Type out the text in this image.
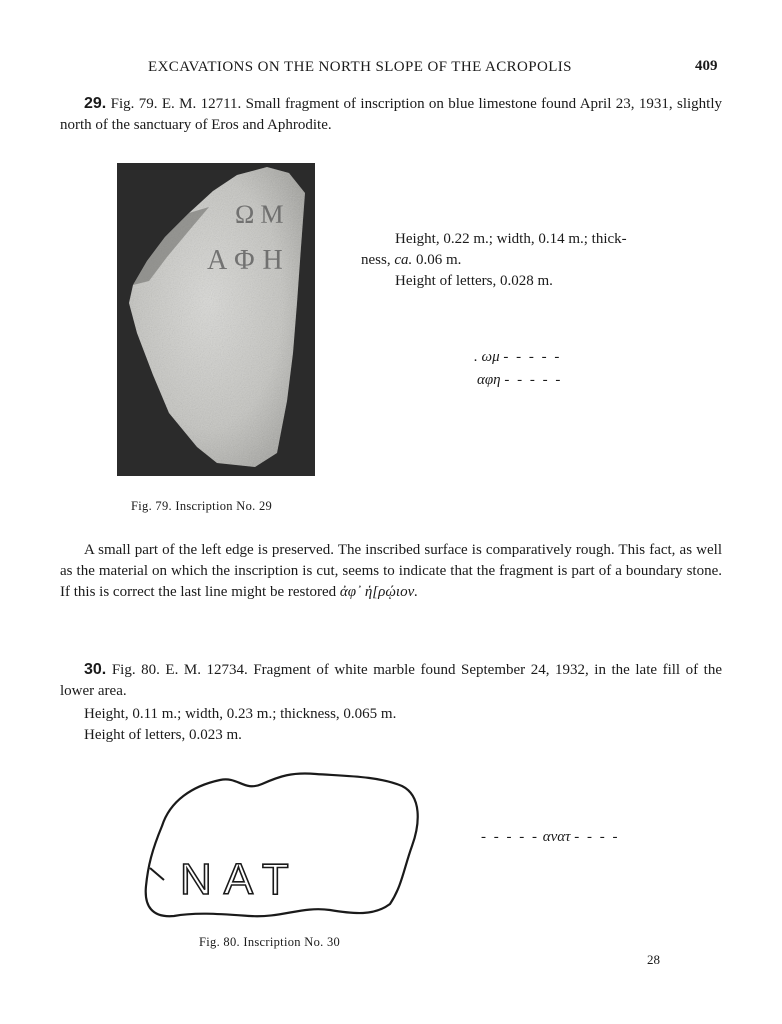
EXCAVATIONS ON THE NORTH SLOPE OF THE ACROPOLIS	409
29. Fig. 79. E. M. 12711. Small fragment of inscription on blue limestone found April 23, 1931, slightly north of the sanctuary of Eros and Aphrodite.
ΩΜ
ΑΦΗ
Height, 0.22 m.; width, 0.14 m.; thick-
ness, ca. 0.06 m.
Height of letters, 0.028 m.
. ωμ - - - - -
αφη - - - - -
Fig. 79. Inscription No. 29
A small part of the left edge is preserved. The inscribed surface is comparatively rough. This fact, as well as the material on which the inscription is cut, seems to indicate that the fragment is part of a boundary stone. If this is correct the last line might be restored ἀφ᾽ ἡ[ρῴιον.
30. Fig. 80. E. M. 12734. Fragment of white marble found September 24, 1932, in the late fill of the lower area.
Height, 0.11 m.; width, 0.23 m.; thickness, 0.065 m.
Height of letters, 0.023 m.
NAT
- - - - - ανατ - - - -
Fig. 80. Inscription No. 30
28
